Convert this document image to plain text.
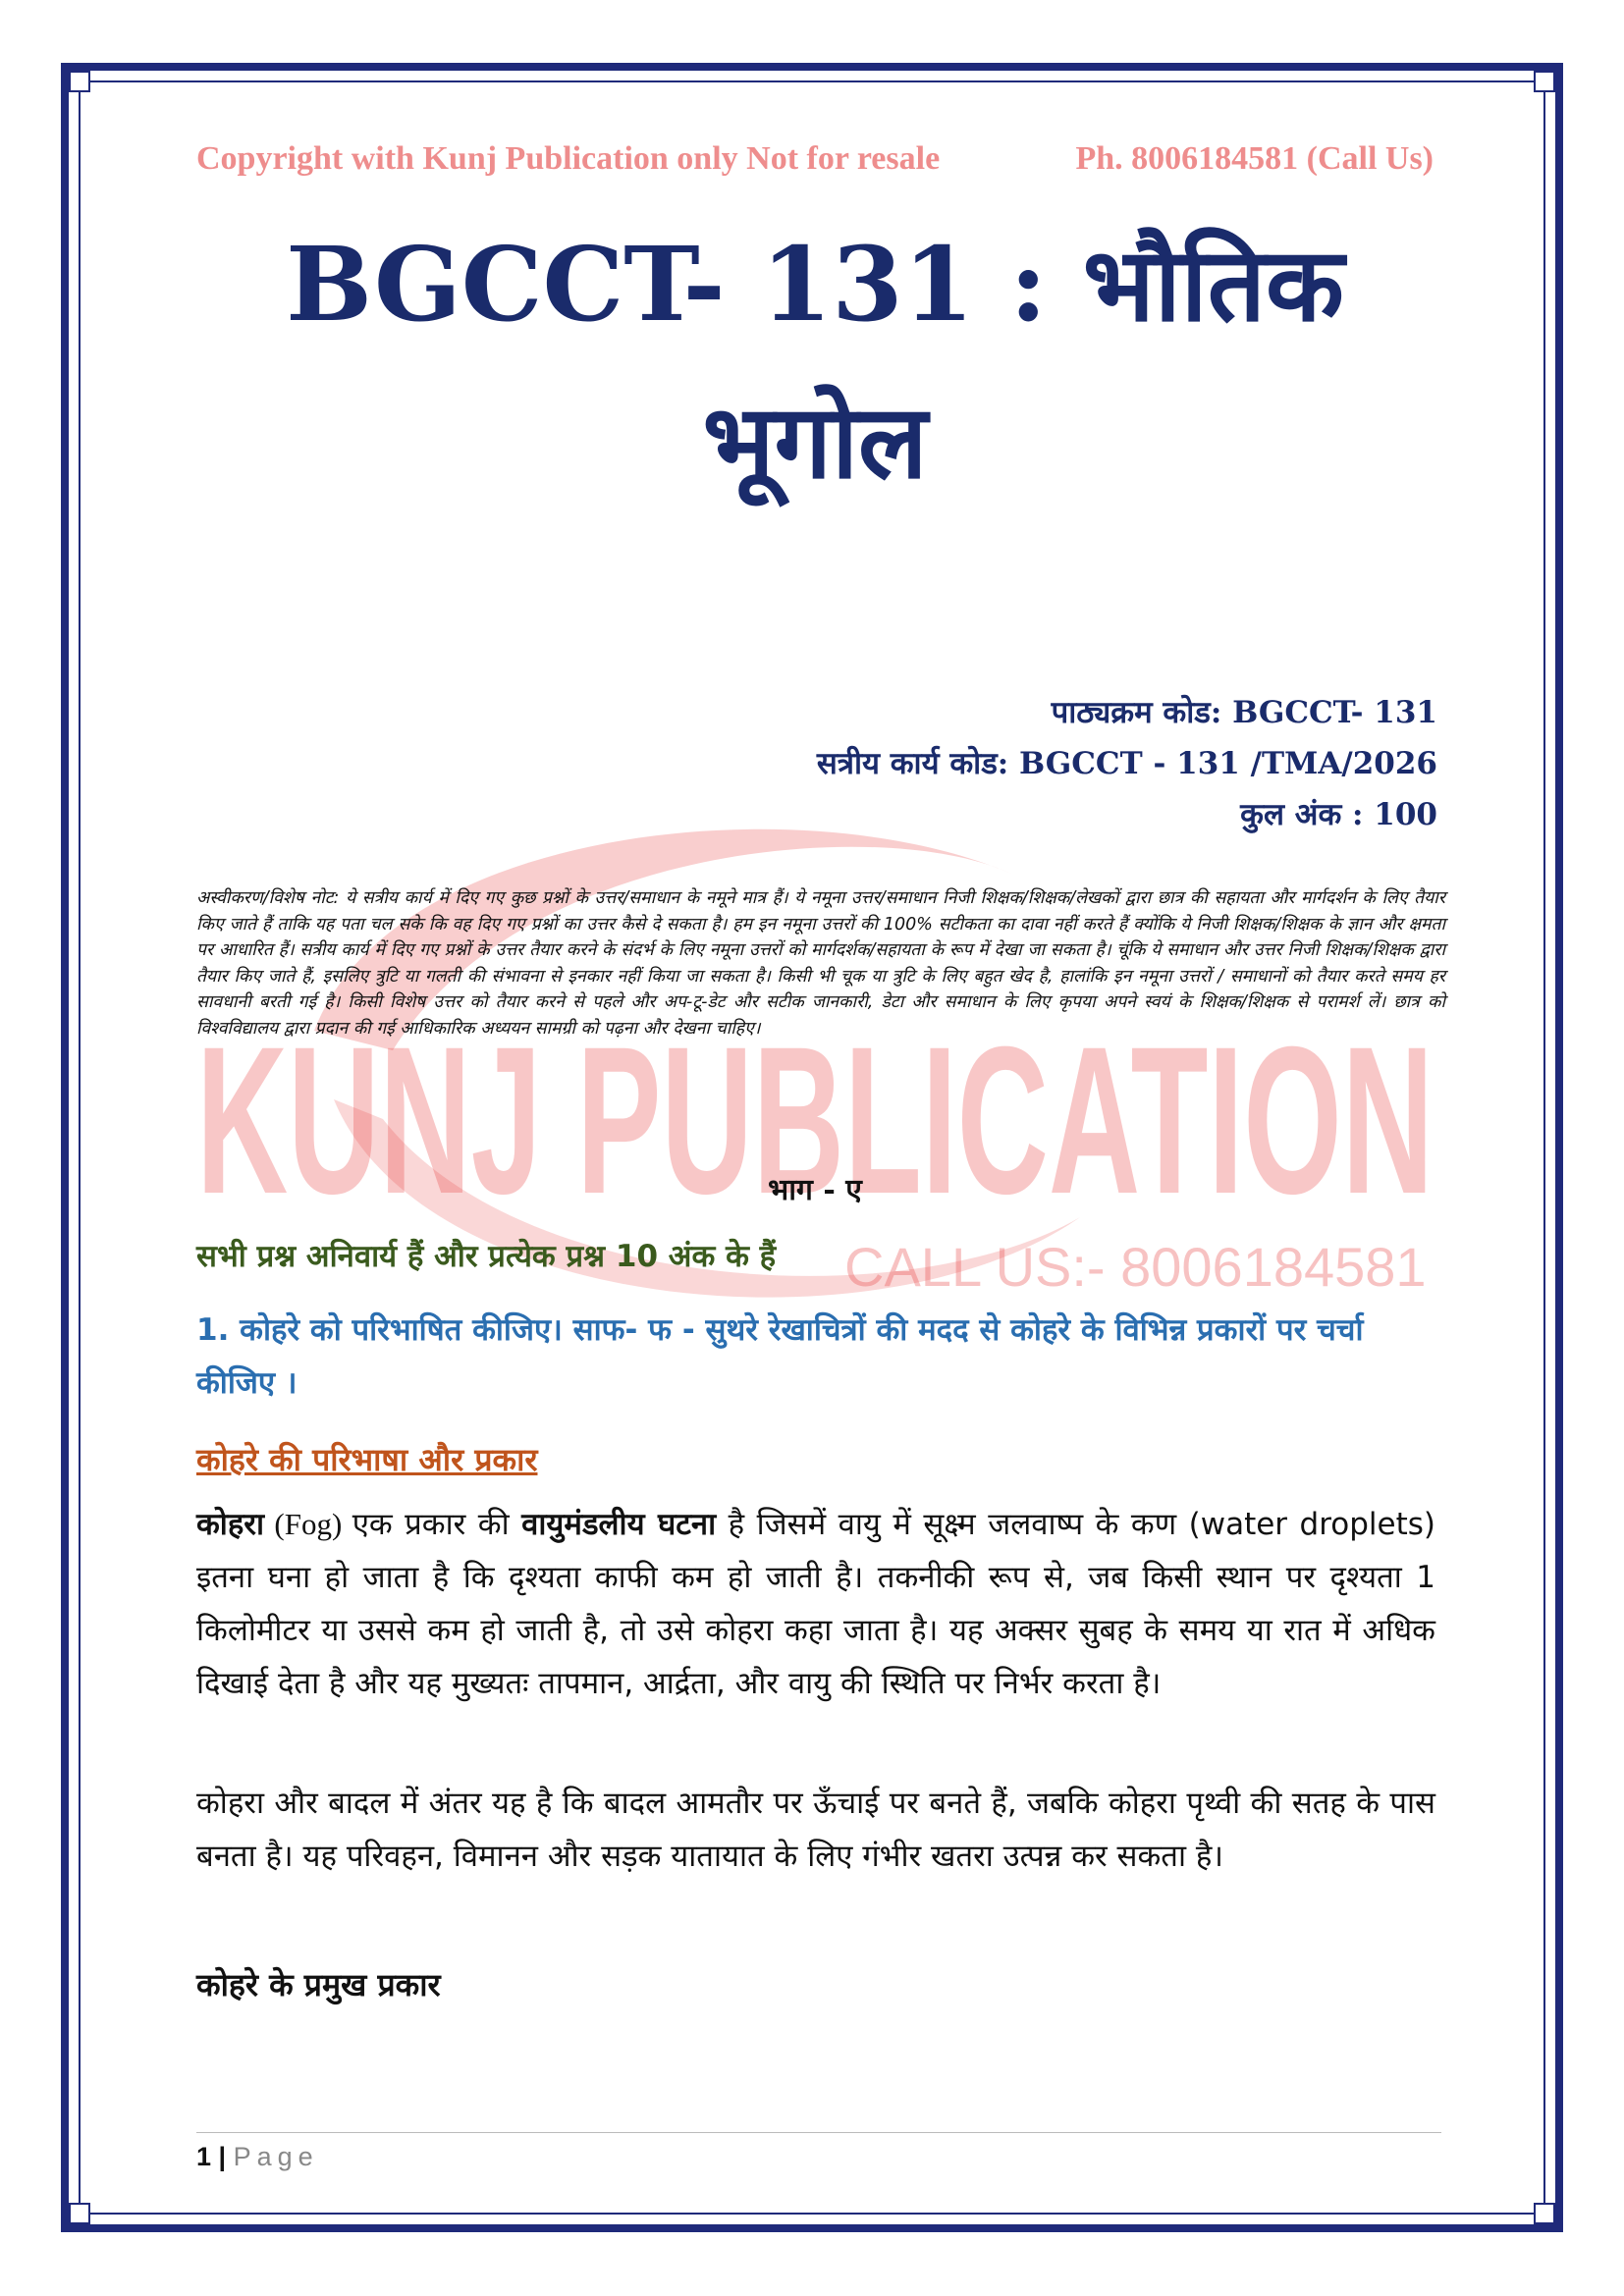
KUNJ PUBLICATION
CALL US:- 8006184581
Copyright with Kunj Publication only Not for resale	Ph. 8006184581 (Call Us)
BGCCT- 131 : भौतिक
भूगोल
पाठ्यक्रम कोड: BGCCT- 131
सत्रीय कार्य कोड: BGCCT - 131 /TMA/2026
कुल अंक : 100
अस्वीकरण/विशेष नोट: ये सत्रीय कार्य में दिए गए कुछ प्रश्नों के उत्तर/समाधान के नमूने मात्र हैं। ये नमूना उत्तर/समाधान निजी शिक्षक/शिक्षक/लेखकों द्वारा छात्र की सहायता और मार्गदर्शन के लिए तैयार किए जाते हैं ताकि यह पता चल सके कि वह दिए गए प्रश्नों का उत्तर कैसे दे सकता है। हम इन नमूना उत्तरों की 100% सटीकता का दावा नहीं करते हैं क्योंकि ये निजी शिक्षक/शिक्षक के ज्ञान और क्षमता पर आधारित हैं। सत्रीय कार्य में दिए गए प्रश्नों के उत्तर तैयार करने के संदर्भ के लिए नमूना उत्तरों को मार्गदर्शक/सहायता के रूप में देखा जा सकता है। चूंकि ये समाधान और उत्तर निजी शिक्षक/शिक्षक द्वारा तैयार किए जाते हैं, इसलिए त्रुटि या गलती की संभावना से इनकार नहीं किया जा सकता है। किसी भी चूक या त्रुटि के लिए बहुत खेद है, हालांकि इन नमूना उत्तरों / समाधानों को तैयार करते समय हर सावधानी बरती गई है। किसी विशेष उत्तर को तैयार करने से पहले और अप-टू-डेट और सटीक जानकारी, डेटा और समाधान के लिए कृपया अपने स्वयं के शिक्षक/शिक्षक से परामर्श लें। छात्र को विश्वविद्यालय द्वारा प्रदान की गई आधिकारिक अध्ययन सामग्री को पढ़ना और देखना चाहिए।
भाग - ए
सभी प्रश्न अनिवार्य हैं और प्रत्येक प्रश्न 10 अंक के हैं
1. कोहरे को परिभाषित कीजिए। साफ- फ - सुथरे रेखाचित्रों की मदद से कोहरे के विभिन्न प्रकारों पर चर्चा कीजिए ।
कोहरे की परिभाषा और प्रकार
कोहरा (Fog) एक प्रकार की वायुमंडलीय घटना है जिसमें वायु में सूक्ष्म जलवाष्प के कण (water droplets) इतना घना हो जाता है कि दृश्यता काफी कम हो जाती है। तकनीकी रूप से, जब किसी स्थान पर दृश्यता 1 किलोमीटर या उससे कम हो जाती है, तो उसे कोहरा कहा जाता है। यह अक्सर सुबह के समय या रात में अधिक दिखाई देता है और यह मुख्यतः तापमान, आर्द्रता, और वायु की स्थिति पर निर्भर करता है।
कोहरा और बादल में अंतर यह है कि बादल आमतौर पर ऊँचाई पर बनते हैं, जबकि कोहरा पृथ्वी की सतह के पास बनता है। यह परिवहन, विमानन और सड़क यातायात के लिए गंभीर खतरा उत्पन्न कर सकता है।
कोहरे के प्रमुख प्रकार
1 | Page
